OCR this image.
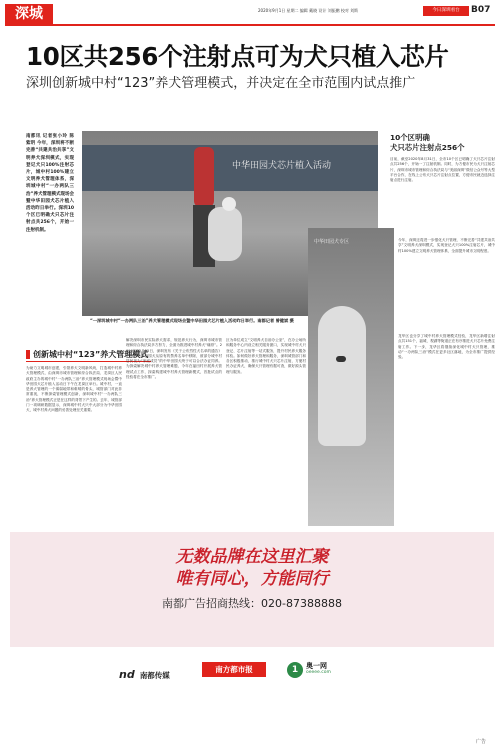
深城	2020年9月1日 星期二 编辑 戴晓 设计 刘振鹏 校对 刘斯	今日深圳看台	B07
10区共256个注射点可为犬只植入芯片
深圳创新城中村“123”养犬管理模式，并决定在全市范围内试点推广
南都讯 记者张小玲 陈紫玥 今年，深圳将不断完善“共建共治共享”文明养犬深圳模式，实现登记犬只100%注射芯片，城中村100%建立文明养犬管理体系，深圳城中村“一办两队三治”养犬管理模式现场会暨中华田园犬芯片植入活动昨日举行。深圳10个区已明确犬只芯片注射点共256个，开始一注射机制。
中华田园犬芯片植入活动
“一深圳城中村“一办两队三治”养犬管理模式现场会暨中华田园犬芯片植入活动昨日举行。南都记者 曾健斌 摄
创新城中村“123”养犬管理模式
为助力文明城市创建，引领养犬文明新风尚，打造城中村养犬管理模式，由深圳市城市管理和综合执法局、龙岗区人民政府主办的城中村“一办两队三治”养犬管理模式现场会暨中华田园犬芯片植入活动日下午在龙岗区举行。城中村，一直是养犬管理的一个薄弱地带和难啃的骨头，城管部门对此非常重视，不断探索管理模式创新，深圳城中村“一办两队三治”养犬管理模式正是在这样的背景下产生的。去年，城管部门一项调研数据显示，深圳城中村犬只中大部分为中华田园犬，城中村养犬问题的妥善处理至关重要。
解决深圳市民实际养犬需求，规范养犬行为，深圳市城市管理和综合执法局多方努力，全面为推进城中村养犬“痛骨”。2019年12月25日，深圳发布《关于公布烈性犬名单的通告》正式将中华田园犬从原有的禁养名单中移除，被部分城中村居民视为“家庭成员”的中华田园犬终于可以合法办证饲养。为探索解决城中村养犬管理难题，今年在福田村开展养犬管理试点工作，探索构建城中村养犬管理新模式，首批试点的经验将在全市推广。
区为单位成立“文明养犬自治办公室”，在办公场所和服务中心内设立相关服务窗口，实现城中村犬只登记、芯片注射等一站式服务，提升村民养犬服务体验。如何做好养犬管理和服务，深圳城管部门和各区积极推动，推行城中村犬只芯片注射，方便村民办证养犬，确保犬只管理有据可查，做好源头管理与服务。
10个区明确
犬只芯片注射点256个
目前，截至2020年8月31日，全市10个区已明确了犬只芯片注射点共256个，开始一了注射机制。同时，为方便市民为犬只注射芯片，深圳市城市管理和综合执法局与“美丽深圳”微信公众号等大型平台合作，在线上公布犬只芯片注射点位置，方便市民就近选择注射点进行注射。
中华田园犬专区	今年，深圳还将进一步强化犬只管理，不断完善“共建共治共享”文明养犬深圳模式，实现登记犬只100%注射芯片，城中村100%建立文明养犬管理体系，全面提升城市文明程度。
龙华区也分享了城中村养犬管理模式经验，龙华区新增注射点共151个，福城、观湖等街道正在有序推进犬只芯片免费注射工作。下一步，龙华区将继续深化城中村犬只管理，推动“一办两队三治”模式在更多社区落地，为全市推广提供经验。
无数品牌在这里汇聚
唯有同心，方能同行
南都广告招商热线：020-87388888
nd 南都传媒
南方都市报	1	奥一网
oeeee.com
广告
